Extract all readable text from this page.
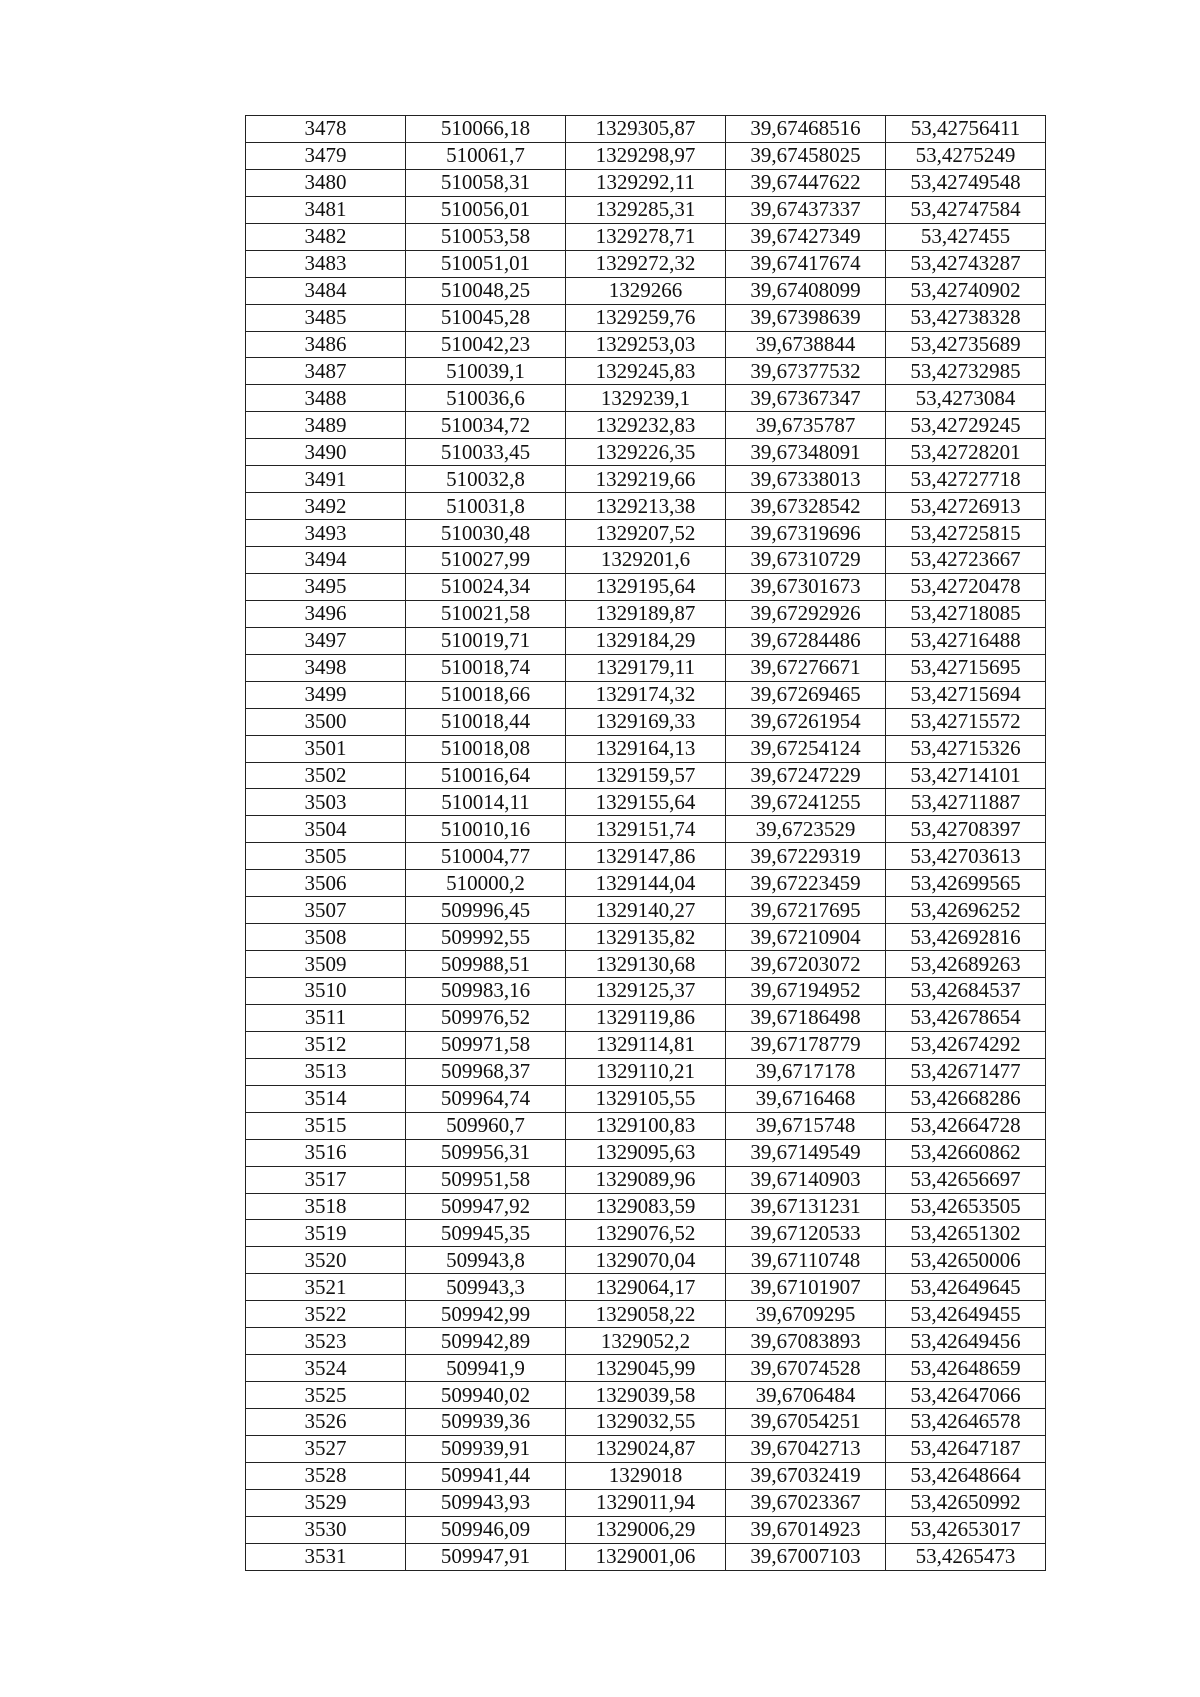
3478	510066,18	1329305,87	39,67468516	53,42756411
3479	510061,7	1329298,97	39,67458025	53,4275249
3480	510058,31	1329292,11	39,67447622	53,42749548
3481	510056,01	1329285,31	39,67437337	53,42747584
3482	510053,58	1329278,71	39,67427349	53,427455
3483	510051,01	1329272,32	39,67417674	53,42743287
3484	510048,25	1329266	39,67408099	53,42740902
3485	510045,28	1329259,76	39,67398639	53,42738328
3486	510042,23	1329253,03	39,6738844	53,42735689
3487	510039,1	1329245,83	39,67377532	53,42732985
3488	510036,6	1329239,1	39,67367347	53,4273084
3489	510034,72	1329232,83	39,6735787	53,42729245
3490	510033,45	1329226,35	39,67348091	53,42728201
3491	510032,8	1329219,66	39,67338013	53,42727718
3492	510031,8	1329213,38	39,67328542	53,42726913
3493	510030,48	1329207,52	39,67319696	53,42725815
3494	510027,99	1329201,6	39,67310729	53,42723667
3495	510024,34	1329195,64	39,67301673	53,42720478
3496	510021,58	1329189,87	39,67292926	53,42718085
3497	510019,71	1329184,29	39,67284486	53,42716488
3498	510018,74	1329179,11	39,67276671	53,42715695
3499	510018,66	1329174,32	39,67269465	53,42715694
3500	510018,44	1329169,33	39,67261954	53,42715572
3501	510018,08	1329164,13	39,67254124	53,42715326
3502	510016,64	1329159,57	39,67247229	53,42714101
3503	510014,11	1329155,64	39,67241255	53,42711887
3504	510010,16	1329151,74	39,6723529	53,42708397
3505	510004,77	1329147,86	39,67229319	53,42703613
3506	510000,2	1329144,04	39,67223459	53,42699565
3507	509996,45	1329140,27	39,67217695	53,42696252
3508	509992,55	1329135,82	39,67210904	53,42692816
3509	509988,51	1329130,68	39,67203072	53,42689263
3510	509983,16	1329125,37	39,67194952	53,42684537
3511	509976,52	1329119,86	39,67186498	53,42678654
3512	509971,58	1329114,81	39,67178779	53,42674292
3513	509968,37	1329110,21	39,6717178	53,42671477
3514	509964,74	1329105,55	39,6716468	53,42668286
3515	509960,7	1329100,83	39,6715748	53,42664728
3516	509956,31	1329095,63	39,67149549	53,42660862
3517	509951,58	1329089,96	39,67140903	53,42656697
3518	509947,92	1329083,59	39,67131231	53,42653505
3519	509945,35	1329076,52	39,67120533	53,42651302
3520	509943,8	1329070,04	39,67110748	53,42650006
3521	509943,3	1329064,17	39,67101907	53,42649645
3522	509942,99	1329058,22	39,6709295	53,42649455
3523	509942,89	1329052,2	39,67083893	53,42649456
3524	509941,9	1329045,99	39,67074528	53,42648659
3525	509940,02	1329039,58	39,6706484	53,42647066
3526	509939,36	1329032,55	39,67054251	53,42646578
3527	509939,91	1329024,87	39,67042713	53,42647187
3528	509941,44	1329018	39,67032419	53,42648664
3529	509943,93	1329011,94	39,67023367	53,42650992
3530	509946,09	1329006,29	39,67014923	53,42653017
3531	509947,91	1329001,06	39,67007103	53,4265473
